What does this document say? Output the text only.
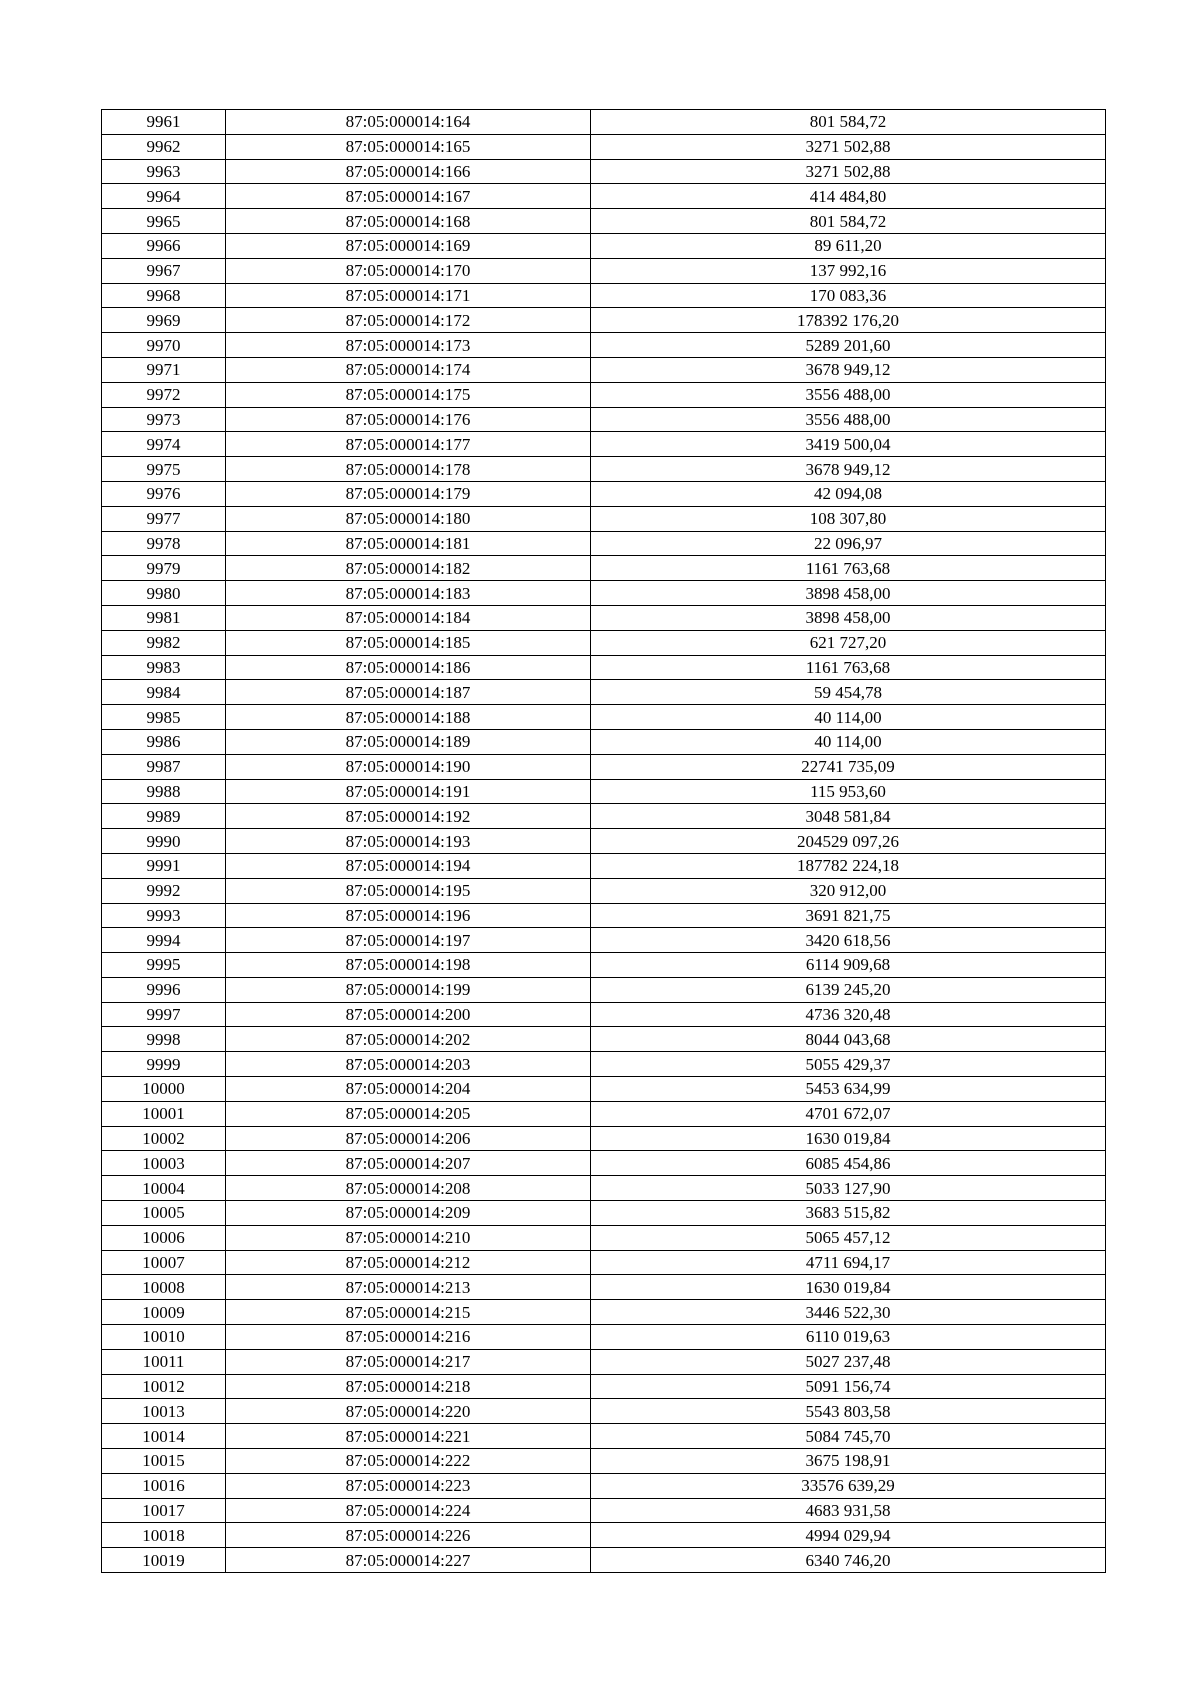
9961	87:05:000014:164	801 584,72
9962	87:05:000014:165	3271 502,88
9963	87:05:000014:166	3271 502,88
9964	87:05:000014:167	414 484,80
9965	87:05:000014:168	801 584,72
9966	87:05:000014:169	89 611,20
9967	87:05:000014:170	137 992,16
9968	87:05:000014:171	170 083,36
9969	87:05:000014:172	178392 176,20
9970	87:05:000014:173	5289 201,60
9971	87:05:000014:174	3678 949,12
9972	87:05:000014:175	3556 488,00
9973	87:05:000014:176	3556 488,00
9974	87:05:000014:177	3419 500,04
9975	87:05:000014:178	3678 949,12
9976	87:05:000014:179	42 094,08
9977	87:05:000014:180	108 307,80
9978	87:05:000014:181	22 096,97
9979	87:05:000014:182	1161 763,68
9980	87:05:000014:183	3898 458,00
9981	87:05:000014:184	3898 458,00
9982	87:05:000014:185	621 727,20
9983	87:05:000014:186	1161 763,68
9984	87:05:000014:187	59 454,78
9985	87:05:000014:188	40 114,00
9986	87:05:000014:189	40 114,00
9987	87:05:000014:190	22741 735,09
9988	87:05:000014:191	115 953,60
9989	87:05:000014:192	3048 581,84
9990	87:05:000014:193	204529 097,26
9991	87:05:000014:194	187782 224,18
9992	87:05:000014:195	320 912,00
9993	87:05:000014:196	3691 821,75
9994	87:05:000014:197	3420 618,56
9995	87:05:000014:198	6114 909,68
9996	87:05:000014:199	6139 245,20
9997	87:05:000014:200	4736 320,48
9998	87:05:000014:202	8044 043,68
9999	87:05:000014:203	5055 429,37
10000	87:05:000014:204	5453 634,99
10001	87:05:000014:205	4701 672,07
10002	87:05:000014:206	1630 019,84
10003	87:05:000014:207	6085 454,86
10004	87:05:000014:208	5033 127,90
10005	87:05:000014:209	3683 515,82
10006	87:05:000014:210	5065 457,12
10007	87:05:000014:212	4711 694,17
10008	87:05:000014:213	1630 019,84
10009	87:05:000014:215	3446 522,30
10010	87:05:000014:216	6110 019,63
10011	87:05:000014:217	5027 237,48
10012	87:05:000014:218	5091 156,74
10013	87:05:000014:220	5543 803,58
10014	87:05:000014:221	5084 745,70
10015	87:05:000014:222	3675 198,91
10016	87:05:000014:223	33576 639,29
10017	87:05:000014:224	4683 931,58
10018	87:05:000014:226	4994 029,94
10019	87:05:000014:227	6340 746,20
